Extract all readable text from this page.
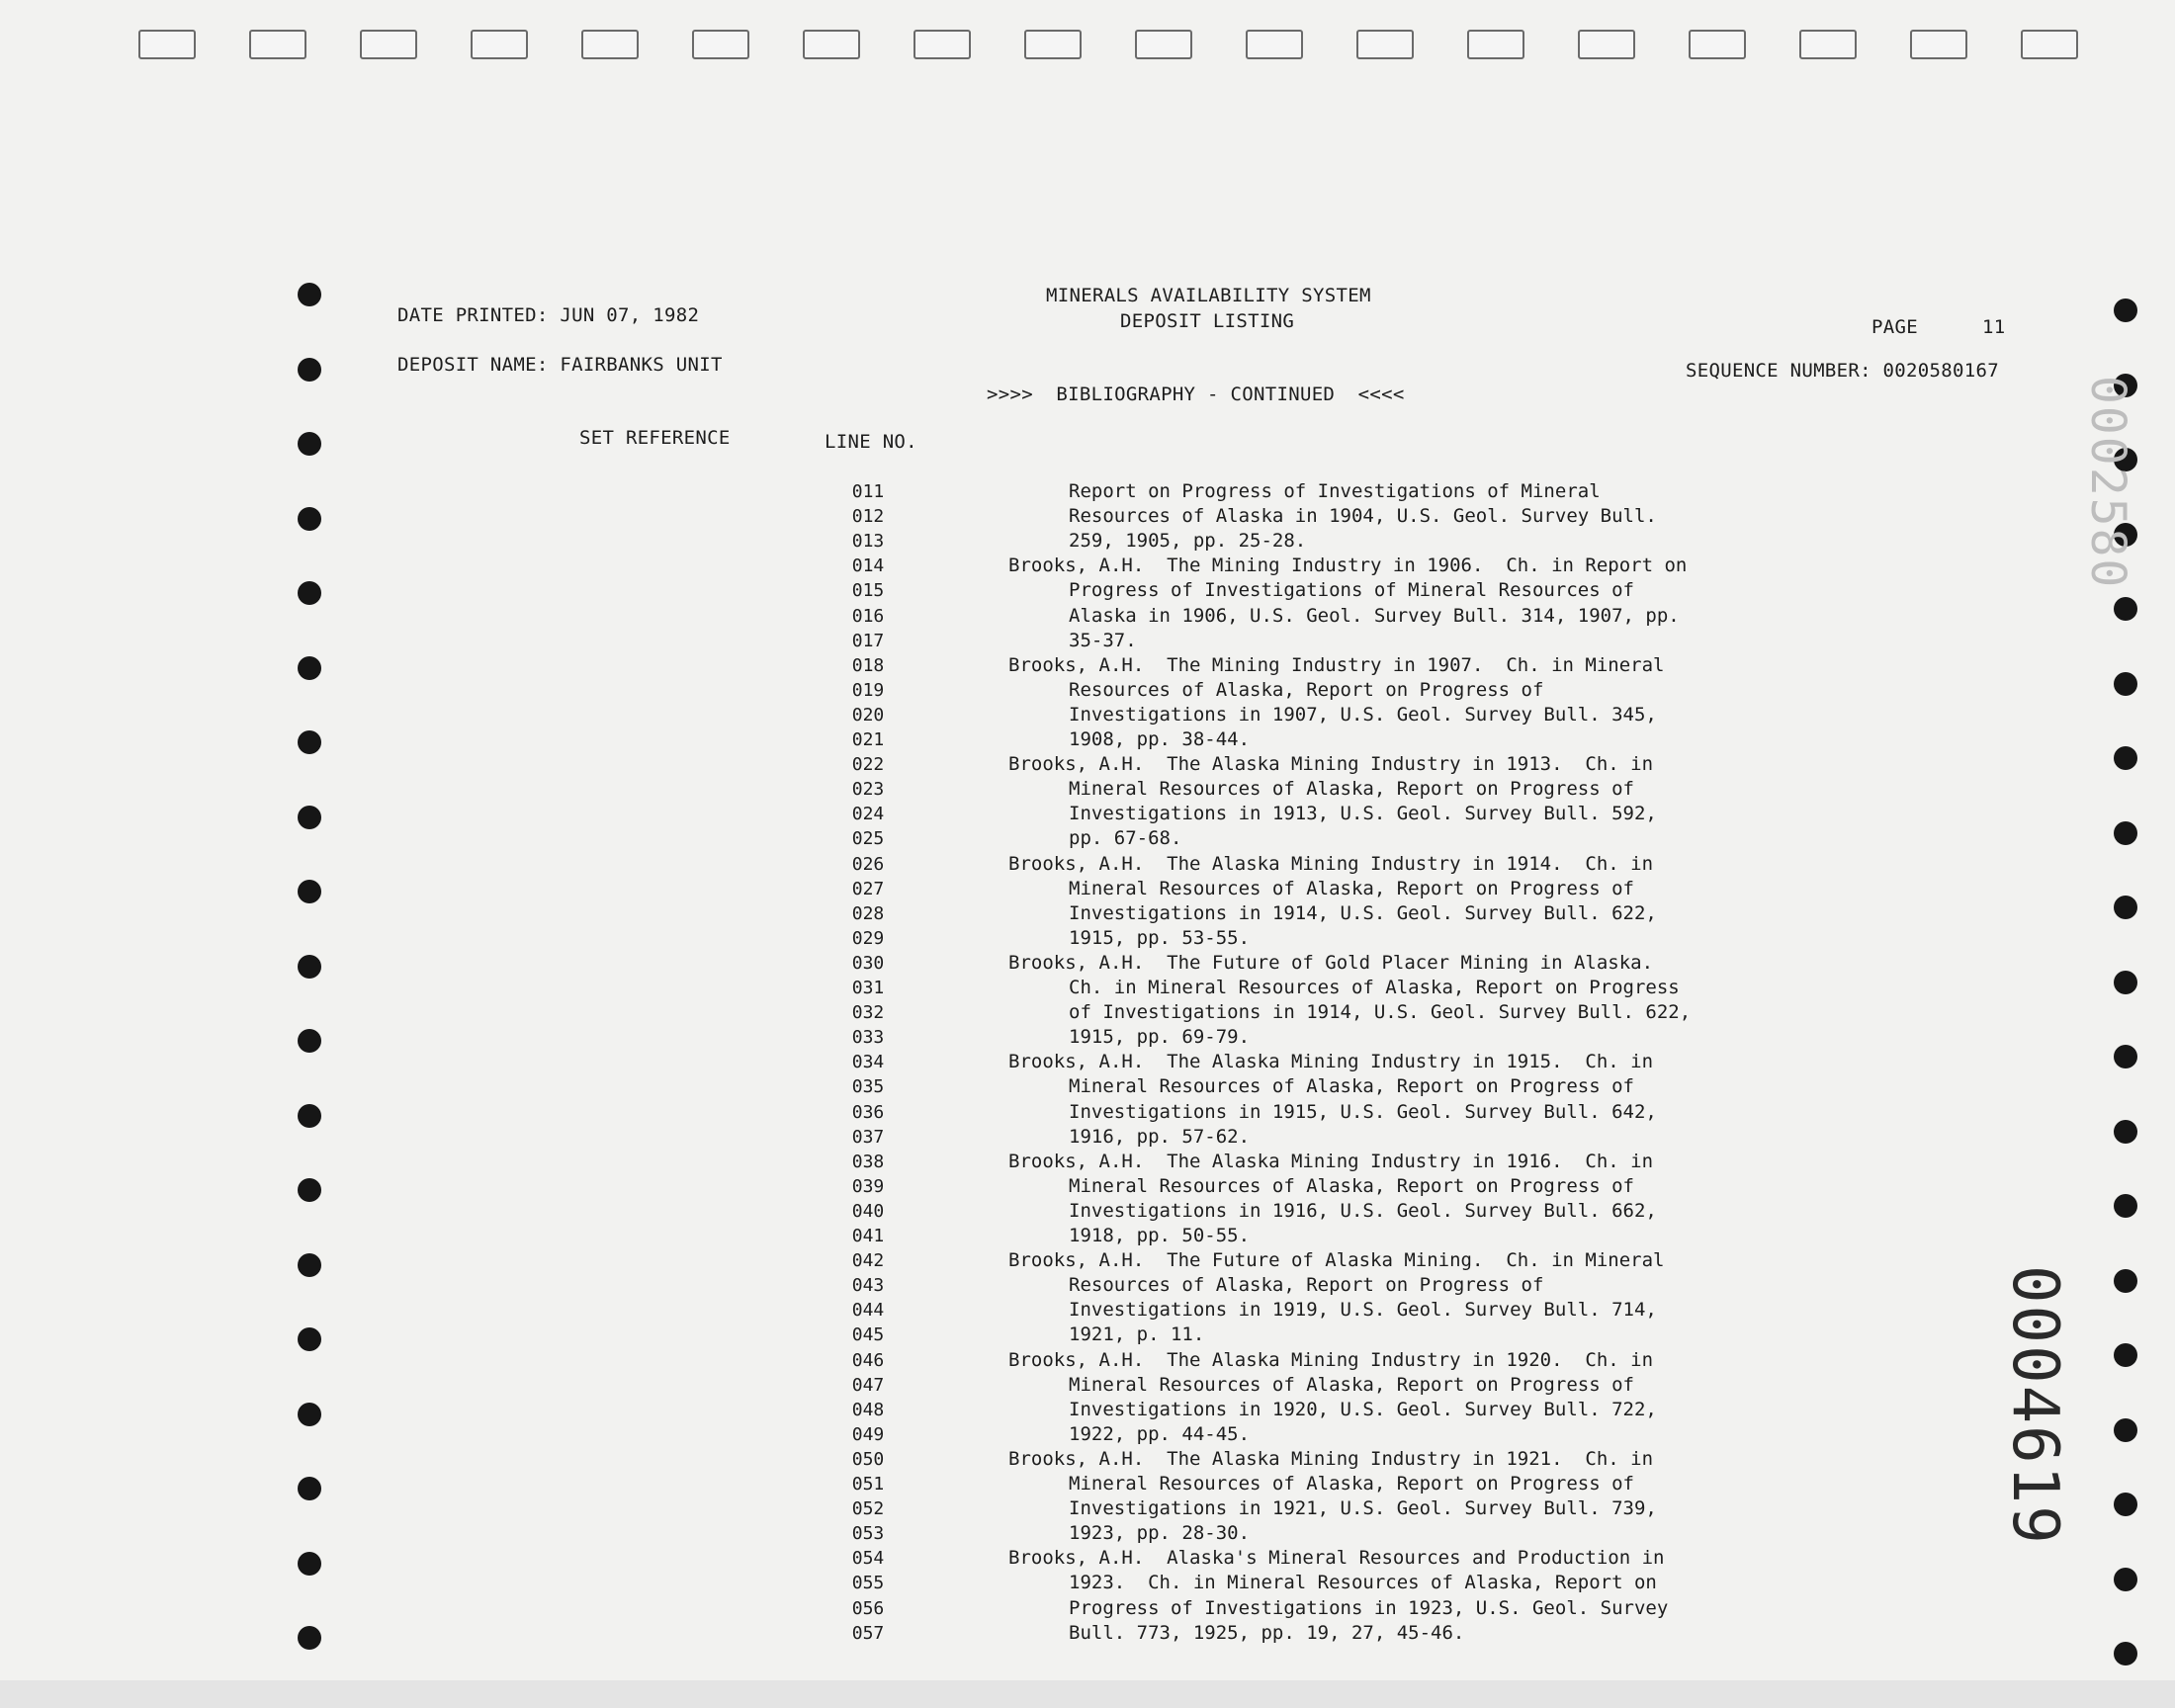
DATE PRINTED: JUN 07, 1982
MINERALS AVAILABILITY SYSTEM
DEPOSIT LISTING	PAGE	11
DEPOSIT NAME: FAIRBANKS UNIT	SEQUENCE NUMBER: 0020580167
>>>>  BIBLIOGRAPHY - CONTINUED  <<<<
SET REFERENCE	LINE NO.
011	Report on Progress of Investigations of Mineral
012	Resources of Alaska in 1904, U.S. Geol. Survey Bull.
013	259, 1905, pp. 25-28.
014	Brooks, A.H.  The Mining Industry in 1906.  Ch. in Report on
015	Progress of Investigations of Mineral Resources of
016	Alaska in 1906, U.S. Geol. Survey Bull. 314, 1907, pp.
017	35-37.
018	Brooks, A.H.  The Mining Industry in 1907.  Ch. in Mineral
019	Resources of Alaska, Report on Progress of
020	Investigations in 1907, U.S. Geol. Survey Bull. 345,
021	1908, pp. 38-44.
022	Brooks, A.H.  The Alaska Mining Industry in 1913.  Ch. in
023	Mineral Resources of Alaska, Report on Progress of
024	Investigations in 1913, U.S. Geol. Survey Bull. 592,
025	pp. 67-68.
026	Brooks, A.H.  The Alaska Mining Industry in 1914.  Ch. in
027	Mineral Resources of Alaska, Report on Progress of
028	Investigations in 1914, U.S. Geol. Survey Bull. 622,
029	1915, pp. 53-55.
030	Brooks, A.H.  The Future of Gold Placer Mining in Alaska.
031	Ch. in Mineral Resources of Alaska, Report on Progress
032	of Investigations in 1914, U.S. Geol. Survey Bull. 622,
033	1915, pp. 69-79.
034	Brooks, A.H.  The Alaska Mining Industry in 1915.  Ch. in
035	Mineral Resources of Alaska, Report on Progress of
036	Investigations in 1915, U.S. Geol. Survey Bull. 642,
037	1916, pp. 57-62.
038	Brooks, A.H.  The Alaska Mining Industry in 1916.  Ch. in
039	Mineral Resources of Alaska, Report on Progress of
040	Investigations in 1916, U.S. Geol. Survey Bull. 662,
041	1918, pp. 50-55.
042	Brooks, A.H.  The Future of Alaska Mining.  Ch. in Mineral
043	Resources of Alaska, Report on Progress of
044	Investigations in 1919, U.S. Geol. Survey Bull. 714,
045	1921, p. 11.
046	Brooks, A.H.  The Alaska Mining Industry in 1920.  Ch. in
047	Mineral Resources of Alaska, Report on Progress of
048	Investigations in 1920, U.S. Geol. Survey Bull. 722,
049	1922, pp. 44-45.
050	Brooks, A.H.  The Alaska Mining Industry in 1921.  Ch. in
051	Mineral Resources of Alaska, Report on Progress of
052	Investigations in 1921, U.S. Geol. Survey Bull. 739,
053	1923, pp. 28-30.
054	Brooks, A.H.  Alaska's Mineral Resources and Production in
055	1923.  Ch. in Mineral Resources of Alaska, Report on
056	Progress of Investigations in 1923, U.S. Geol. Survey
057	Bull. 773, 1925, pp. 19, 27, 45-46.
0002580
0004619
